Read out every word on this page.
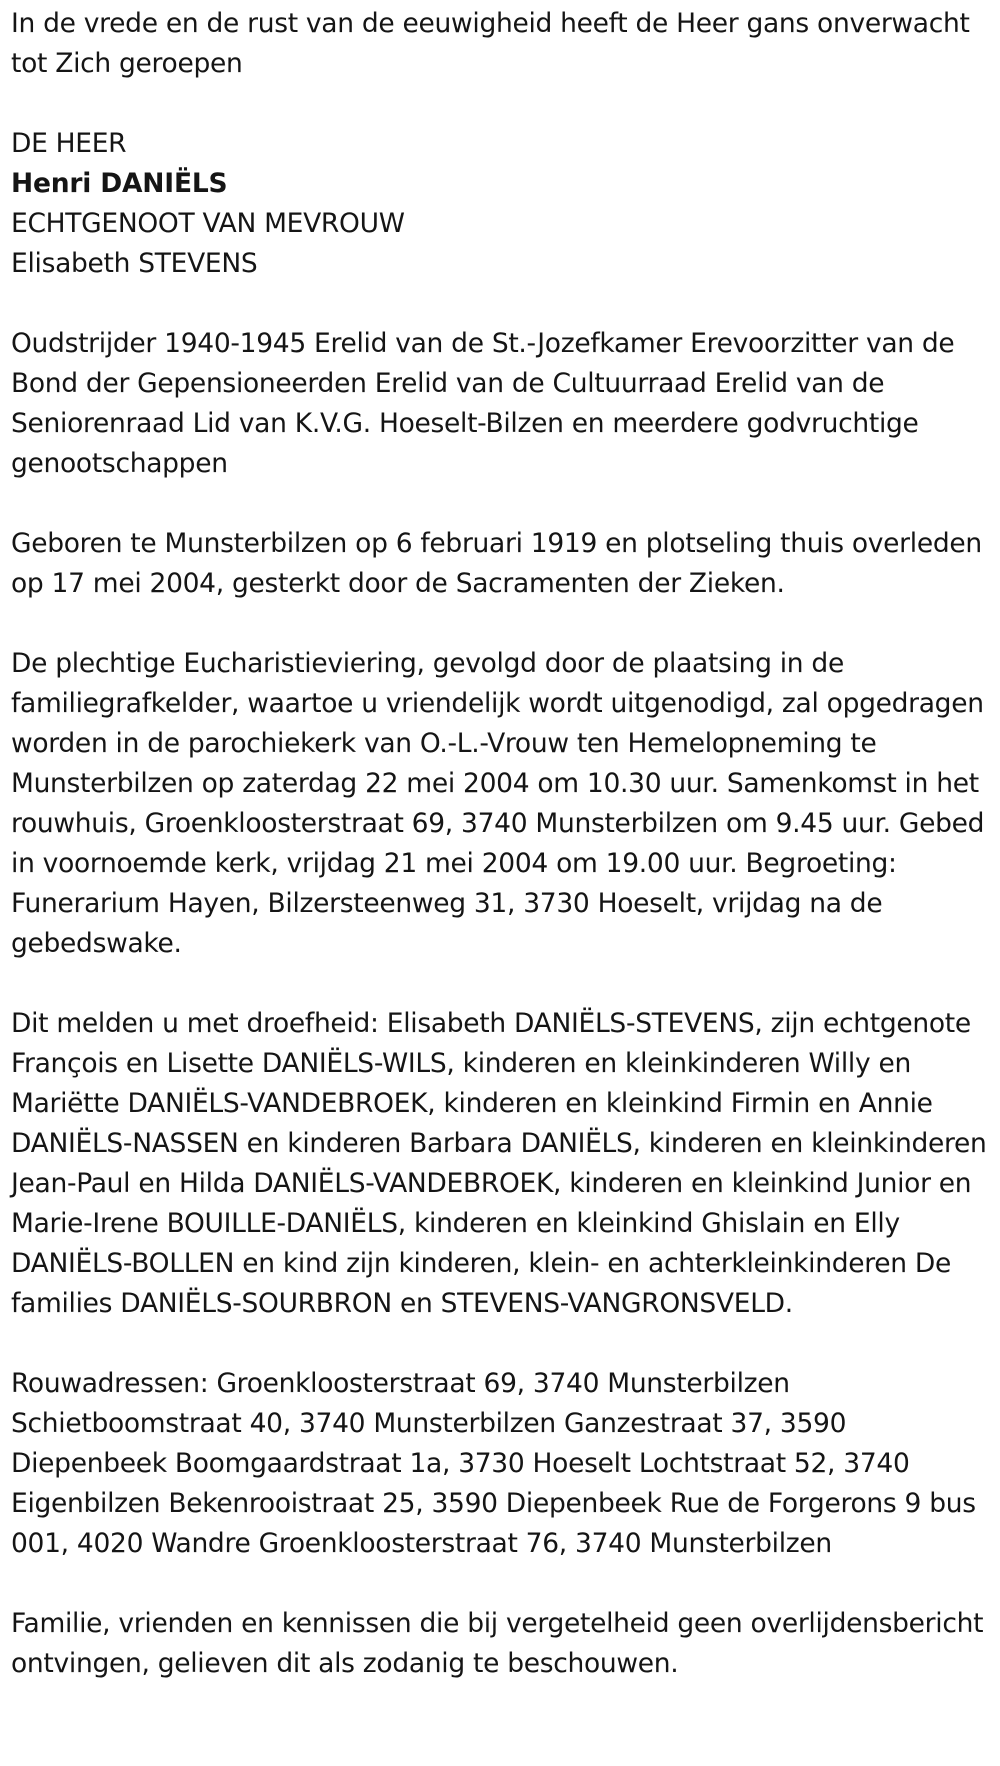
In de vrede en de rust van de eeuwigheid heeft de Heer gans onverwacht tot Zich geroepen

DE HEER

Henri DANIËLS

ECHTGENOOT VAN MEVROUW

Elisabeth STEVENS

Oudstrijder 1940-1945 Erelid van de St.-Jozefkamer Erevoorzitter van de Bond der Gepensioneerden Erelid van de Cultuurraad Erelid van de Seniorenraad Lid van K.V.G. Hoeselt-Bilzen en meerdere godvruchtige genootschappen

Geboren te Munsterbilzen op 6 februari 1919 en plotseling thuis overleden op 17 mei 2004, gesterkt door de Sacramenten der Zieken.

De plechtige Eucharistieviering, gevolgd door de plaatsing in de familiegrafkelder, waartoe u vriendelijk wordt uitgenodigd, zal opgedragen worden in de parochiekerk van O.-L.-Vrouw ten Hemelopneming te Munsterbilzen op zaterdag 22 mei 2004 om 10.30 uur. Samenkomst in het rouwhuis, Groenkloosterstraat 69, 3740 Munsterbilzen om 9.45 uur. Gebed in voornoemde kerk, vrijdag 21 mei 2004 om 19.00 uur. Begroeting: Funerarium Hayen, Bilzersteenweg 31, 3730 Hoeselt, vrijdag na de gebedswake.

Dit melden u met droefheid: Elisabeth DANIËLS-STEVENS, zijn echtgenote François en Lisette DANIËLS-WILS, kinderen en kleinkinderen Willy en Mariëtte DANIËLS-VANDEBROEK, kinderen en kleinkind Firmin en Annie DANIËLS-NASSEN en kinderen Barbara DANIËLS, kinderen en kleinkinderen Jean-Paul en Hilda DANIËLS-VANDEBROEK, kinderen en kleinkind Junior en Marie-Irene BOUILLE-DANIËLS, kinderen en kleinkind Ghislain en Elly DANIËLS-BOLLEN en kind zijn kinderen, klein- en achterkleinkinderen De families DANIËLS-SOURBRON en STEVENS-VANGRONSVELD.

Rouwadressen: Groenkloosterstraat 69, 3740 Munsterbilzen Schietboomstraat 40, 3740 Munsterbilzen Ganzestraat 37, 3590 Diepenbeek Boomgaardstraat 1a, 3730 Hoeselt Lochtstraat 52, 3740 Eigenbilzen Bekenrooistraat 25, 3590 Diepenbeek Rue de Forgerons 9 bus 001, 4020 Wandre Groenkloosterstraat 76, 3740 Munsterbilzen

Familie, vrienden en kennissen die bij vergetelheid geen overlijdensbericht ontvingen, gelieven dit als zodanig te beschouwen.
